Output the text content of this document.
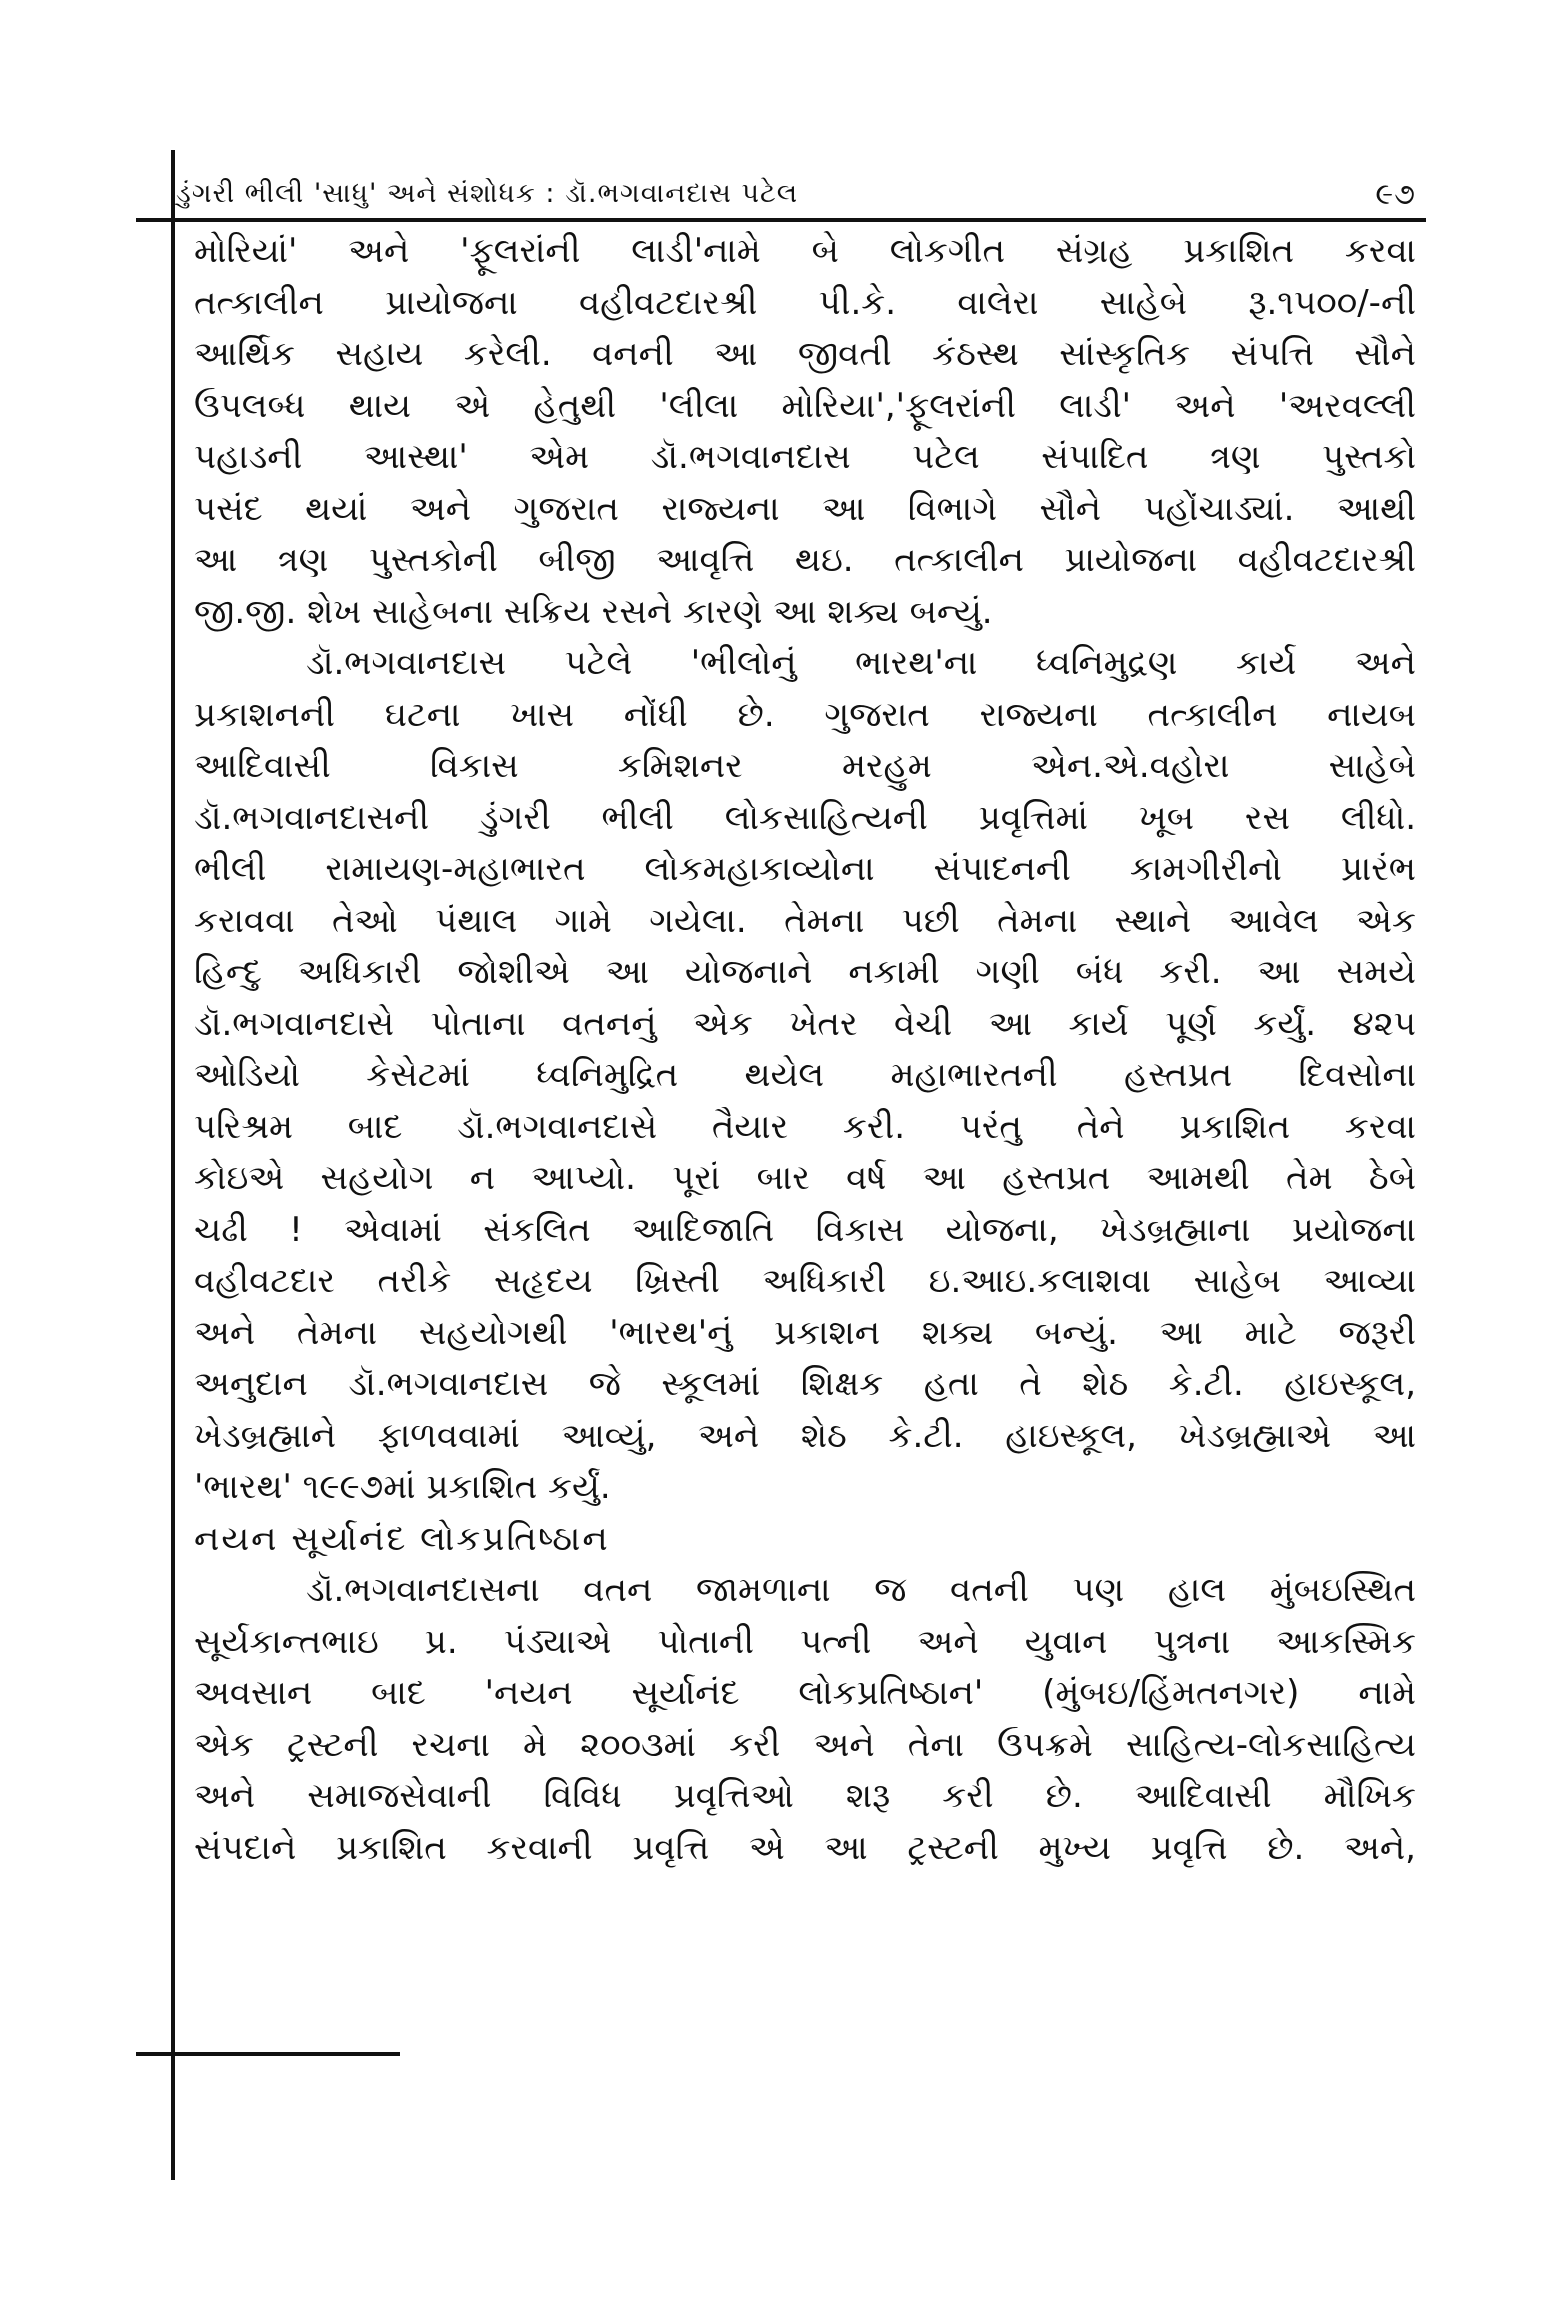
ડુંગરી ભીલી 'સાધુ' અને સંશોધક : ડૉ.ભગવાનદાસ પટેલ	૯૭
મોરિયાં' અને 'ફૂલરાંની લાડી'નામે બે લોકગીત સંગ્રહ પ્રકાશિત કરવા
તત્કાલીન પ્રાયોજના વહીવટદારશ્રી પી.કે. વાલેરા સાહેબે રૂ.૧૫૦૦/-ની
આર્થિક સહાય કરેલી. વનની આ જીવતી કંઠસ્થ સાંસ્કૃતિક સંપત્તિ સૌને
ઉપલબ્ધ થાય એ હેતુથી 'લીલા મોરિયા','ફૂલરાંની લાડી' અને 'અરવલ્લી
પહાડની આસ્થા' એમ ડૉ.ભગવાનદાસ પટેલ સંપાદિત ત્રણ પુસ્તકો
પસંદ થયાં અને ગુજરાત રાજ્યના આ વિભાગે સૌને પહોંચાડ્યાં. આથી
આ ત્રણ પુસ્તકોની બીજી આવૃત્તિ થઇ. તત્કાલીન પ્રાયોજના વહીવટદારશ્રી
જી.જી. શેખ સાહેબના સક્રિય રસને કારણે આ શક્ય બન્યું.
ડૉ.ભગવાનદાસ પટેલે 'ભીલોનું ભારથ'ના ધ્વનિમુદ્રણ કાર્ય અને
પ્રકાશનની ઘટના ખાસ નોંધી છે. ગુજરાત રાજ્યના તત્કાલીન નાયબ
આદિવાસી વિકાસ કમિશનર મરહુમ એન.એ.વહોરા સાહેબે
ડૉ.ભગવાનદાસની ડુંગરી ભીલી લોકસાહિત્યની પ્રવૃત્તિમાં ખૂબ રસ લીધો.
ભીલી રામાયણ-મહાભારત લોકમહાકાવ્યોના સંપાદનની કામગીરીનો પ્રારંભ
કરાવવા તેઓ પંથાલ ગામે ગયેલા. તેમના પછી તેમના સ્થાને આવેલ એક
હિન્દુ અધિકારી જોશીએ આ યોજનાને નકામી ગણી બંધ કરી. આ સમયે
ડૉ.ભગવાનદાસે પોતાના વતનનું એક ખેતર વેચી આ કાર્ય પૂર્ણ કર્યું. ૪૨૫
ઓડિયો કેસેટમાં ધ્વનિમુદ્રિત થયેલ મહાભારતની હસ્તપ્રત દિવસોના
પરિશ્રમ બાદ ડૉ.ભગવાનદાસે તૈયાર કરી. પરંતુ તેને પ્રકાશિત કરવા
કોઇએ સહયોગ ન આપ્યો. પૂરાં બાર વર્ષ આ હસ્તપ્રત આમથી તેમ ઠેબે
ચઢી ! એવામાં સંકલિત આદિજાતિ વિકાસ યોજના, ખેડબ્રહ્માના પ્રયોજના
વહીવટદાર તરીકે સહૃદય ખ્રિસ્તી અધિકારી ઇ.આઇ.કલાશવા સાહેબ આવ્યા
અને તેમના સહયોગથી 'ભારથ'નું પ્રકાશન શક્ય બન્યું. આ માટે જરૂરી
અનુદાન ડૉ.ભગવાનદાસ જે સ્કૂલમાં શિક્ષક હતા તે શેઠ કે.ટી. હાઇસ્કૂલ,
ખેડબ્રહ્માને ફાળવવામાં આવ્યું, અને શેઠ કે.ટી. હાઇસ્કૂલ, ખેડબ્રહ્માએ આ
'ભારથ' ૧૯૯૭માં પ્રકાશિત કર્યું.
નયન સૂર્યાનંદ લોકપ્રતિષ્ઠાન
ડૉ.ભગવાનદાસના વતન જામળાના જ વતની પણ હાલ મુંબઇસ્થિત
સૂર્યકાન્તભાઇ પ્ર. પંડ્યાએ પોતાની પત્ની અને યુવાન પુત્રના આકસ્મિક
અવસાન બાદ 'નયન સૂર્યાનંદ લોકપ્રતિષ્ઠાન' (મુંબઇ/હિંમતનગર) નામે
એક ટ્રસ્ટની રચના મે ૨૦૦૩માં કરી અને તેના ઉપક્રમે સાહિત્ય-લોકસાહિત્ય
અને સમાજસેવાની વિવિધ પ્રવૃત્તિઓ શરૂ કરી છે. આદિવાસી મૌખિક
સંપદાને પ્રકાશિત કરવાની પ્રવૃત્તિ એ આ ટ્રસ્ટની મુખ્ય પ્રવૃત્તિ છે. અને,
